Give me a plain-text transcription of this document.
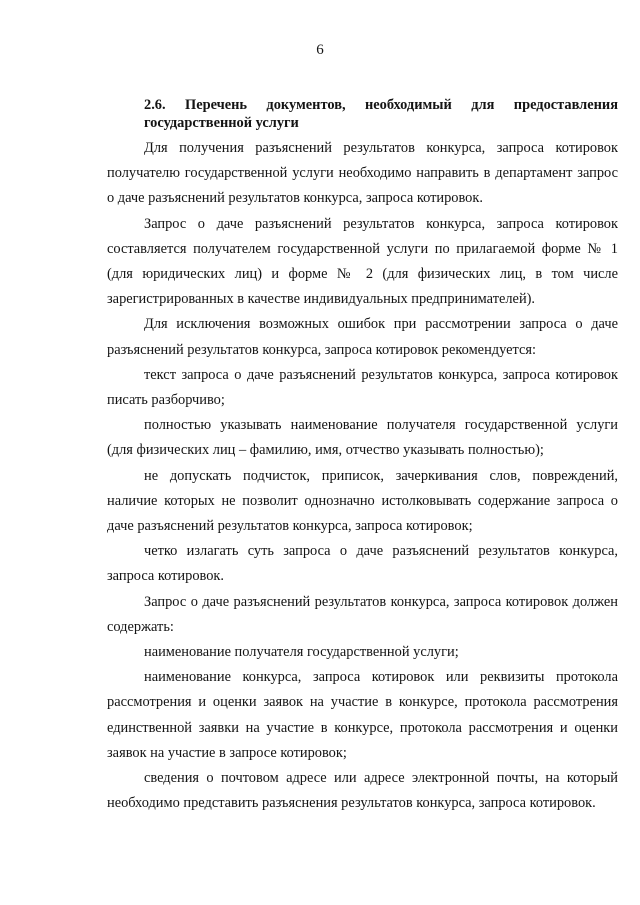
6

2.6. Перечень документов, необходимый для предоставления государственной услуги

Для получения разъяснений результатов конкурса, запроса котировок получателю государственной услуги необходимо направить в департамент запрос о даче разъяснений результатов конкурса, запроса котировок.

Запрос о даче разъяснений результатов конкурса, запроса котировок составляется получателем государственной услуги по прилагаемой форме № 1 (для юридических лиц) и форме № 2 (для физических лиц, в том числе зарегистрированных в качестве индивидуальных предпринимателей).

Для исключения возможных ошибок при рассмотрении запроса о даче разъяснений результатов конкурса, запроса котировок рекомендуется:

текст запроса о даче разъяснений результатов конкурса, запроса котировок писать разборчиво;

полностью указывать наименование получателя государственной услуги (для физических лиц – фамилию, имя, отчество указывать полностью);

не допускать подчисток, приписок, зачеркивания слов, повреждений, наличие которых не позволит однозначно истолковывать содержание запроса о даче разъяснений результатов конкурса, запроса котировок;

четко излагать суть запроса о даче разъяснений результатов конкурса, запроса котировок.

Запрос о даче разъяснений результатов конкурса, запроса котировок должен содержать:

наименование получателя государственной услуги;

наименование конкурса, запроса котировок или реквизиты протокола рассмотрения и оценки заявок на участие в конкурсе, протокола рассмотрения единственной заявки на участие в конкурсе, протокола рассмотрения и оценки заявок на участие в запросе котировок;

сведения о почтовом адресе или адресе электронной почты, на который необходимо представить разъяснения результатов конкурса, запроса котировок.
